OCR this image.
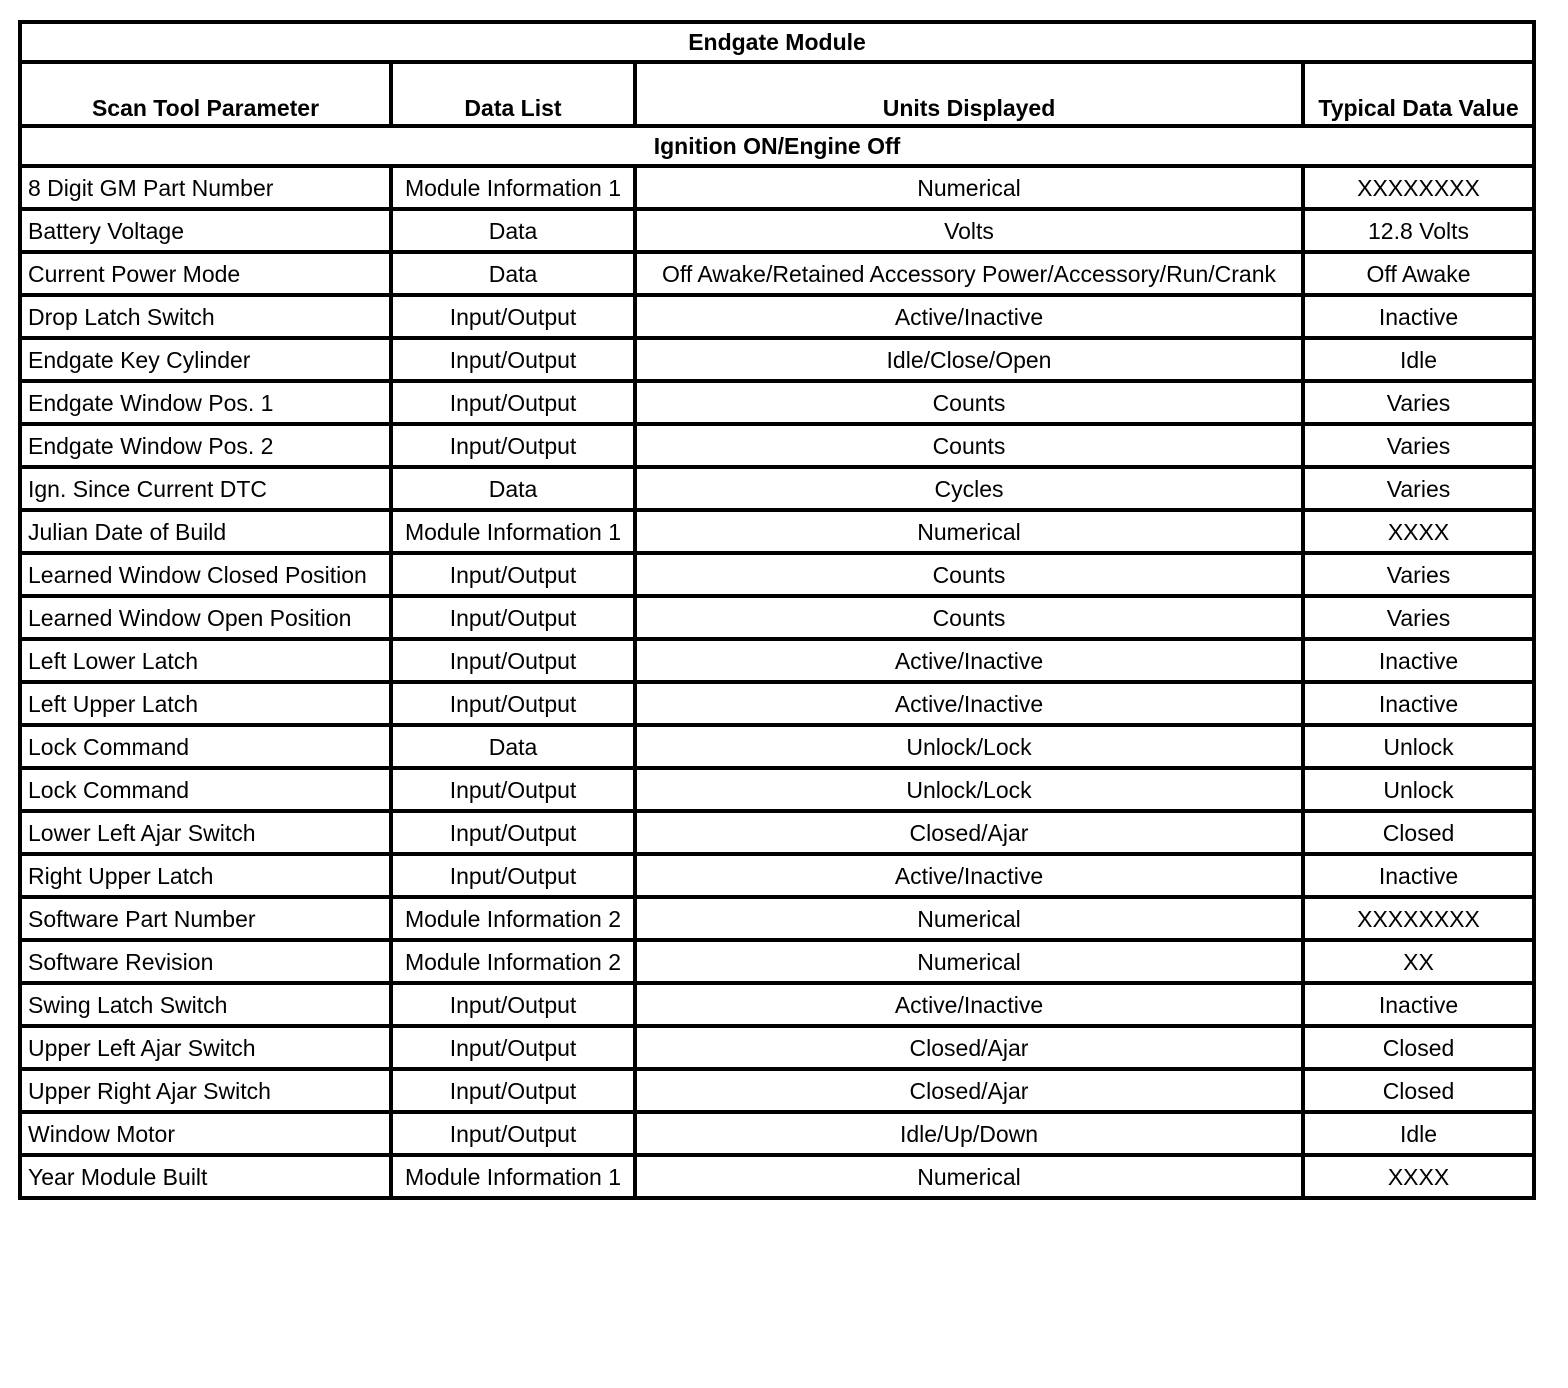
Endgate Module			
Scan Tool Parameter	Data List	Units Displayed	Typical Data Value
Ignition ON/Engine Off			
8 Digit GM Part Number	Module Information 1	Numerical	XXXXXXXX
Battery Voltage	Data	Volts	12.8 Volts
Current Power Mode	Data	Off Awake/Retained Accessory Power/Accessory/Run/Crank	Off Awake
Drop Latch Switch	Input/Output	Active/Inactive	Inactive
Endgate Key Cylinder	Input/Output	Idle/Close/Open	Idle
Endgate Window Pos. 1	Input/Output	Counts	Varies
Endgate Window Pos. 2	Input/Output	Counts	Varies
Ign. Since Current DTC	Data	Cycles	Varies
Julian Date of Build	Module Information 1	Numerical	XXXX
Learned Window Closed Position	Input/Output	Counts	Varies
Learned Window Open Position	Input/Output	Counts	Varies
Left Lower Latch	Input/Output	Active/Inactive	Inactive
Left Upper Latch	Input/Output	Active/Inactive	Inactive
Lock Command	Data	Unlock/Lock	Unlock
Lock Command	Input/Output	Unlock/Lock	Unlock
Lower Left Ajar Switch	Input/Output	Closed/Ajar	Closed
Right Upper Latch	Input/Output	Active/Inactive	Inactive
Software Part Number	Module Information 2	Numerical	XXXXXXXX
Software Revision	Module Information 2	Numerical	XX
Swing Latch Switch	Input/Output	Active/Inactive	Inactive
Upper Left Ajar Switch	Input/Output	Closed/Ajar	Closed
Upper Right Ajar Switch	Input/Output	Closed/Ajar	Closed
Window Motor	Input/Output	Idle/Up/Down	Idle
Year Module Built	Module Information 1	Numerical	XXXX
